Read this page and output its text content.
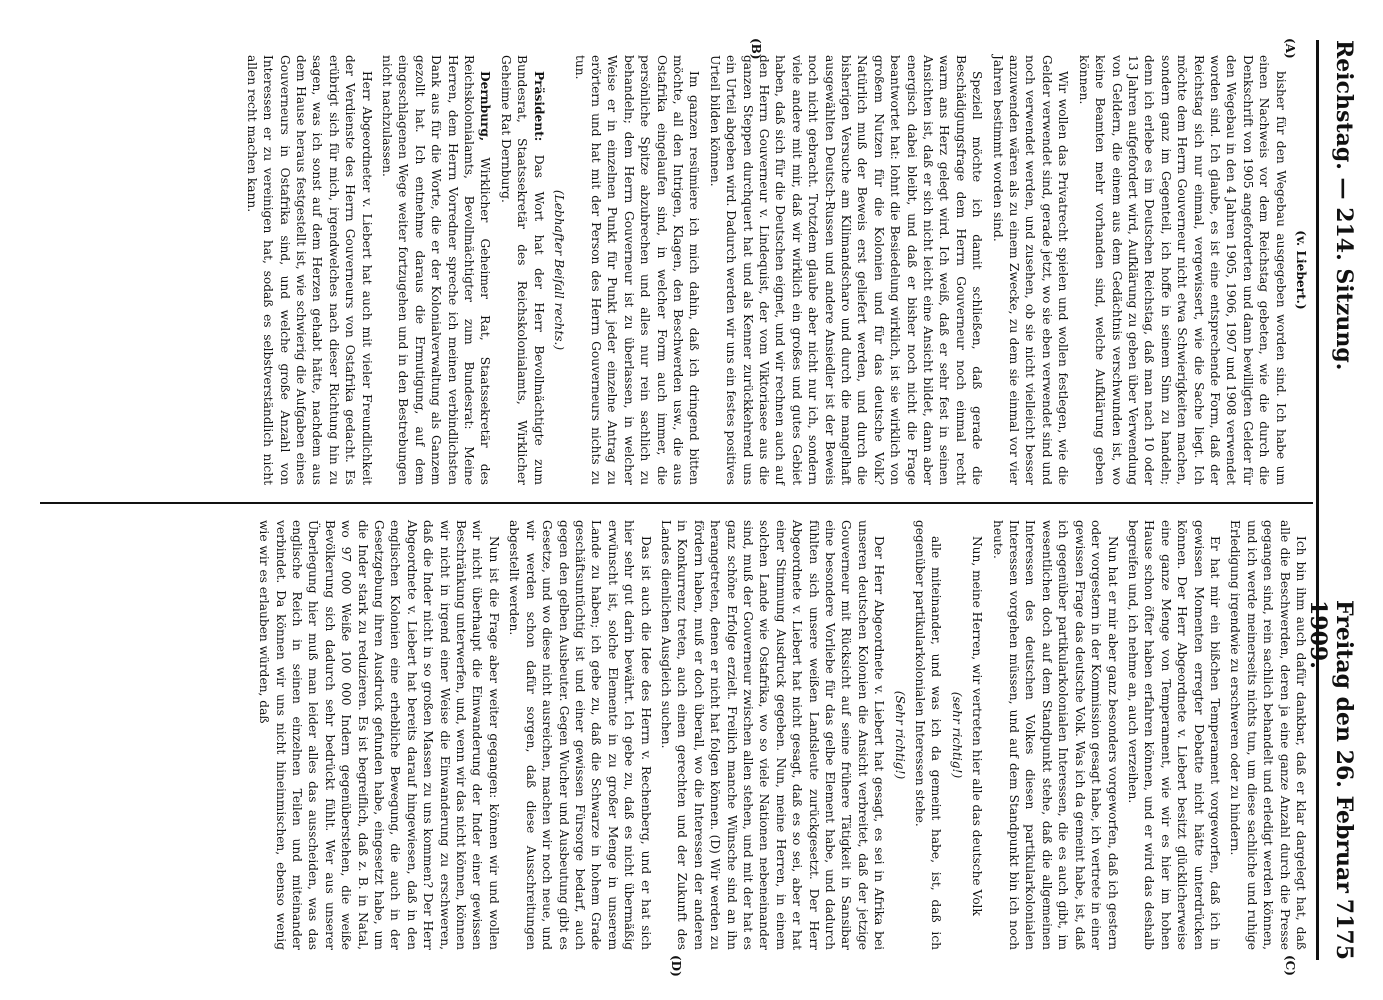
Reichstag. — 214. Sitzung.
Freitag den 26. Februar 1909.
7175
(A)
(B)
(C)
(D)

(v. Liebert.)

bisher für den Wegebau ausgegeben worden sind. Ich habe um einen Nachweis vor dem Reichstag gebeten, wie die durch die Denkschrift von 1905 angeforderten und dann bewilligten Gelder für den Wegebau in den 4 Jahren 1905, 1906, 1907 und 1908 verwendet worden sind. Ich glaube, es ist eine entsprechende Form, daß der Reichstag sich nur einmal, vergewissert, wie die Sache liegt. Ich möchte dem Herrn Gouverneur nicht etwa Schwierigkeiten machen, sondern ganz im Gegenteil, ich hoffe in seinem Sinn zu handeln; denn ich erlebe es im Deutschen Reichstag, daß man nach 10 oder 13 Jahren aufgefordert wird, Aufklärung zu geben über Verwendung von Geldern, die einem aus dem Gedächtnis verschwunden ist, wo keine Beamten mehr vorhanden sind, welche Aufklärung geben können.

Wir wollen das Privatrecht spielen und wollen festlegen, wie die Gelder verwendet sind, gerade jetzt, wo sie eben verwendet sind und noch verwendet werden, und zusehen, ob sie nicht vielleicht besser anzuwenden wären als zu einem Zwecke, zu dem sie einmal vor vier Jahren bestimmt worden sind.

Speziell möchte ich damit schließen, daß gerade die Beschädigungsfrage dem Herrn Gouverneur noch einmal recht warm ans Herz gelegt wird. Ich weiß, daß er sehr fest in seinen Ansichten ist, daß er sich nicht leicht eine Ansicht bildet, dann aber energisch dabei bleibt, und daß er bisher noch nicht die Frage beantwortet hat: lohnt die Besiedelung wirklich, ist sie wirklich von großem Nutzen für die Kolonien und für das deutsche Volk? Natürlich muß der Beweis erst geliefert werden, und durch die bisherigen Versuche am Kilimandscharo und durch die mangelhaft ausgewählten Deutsch-Russen und andere Ansiedler ist der Beweis noch nicht gebracht. Trotzdem glaube aber nicht nur ich, sondern viele andere mit mir, daß wir wirklich ein großes und gutes Gebiet haben, daß sich für die Deutschen eignet, und wir rechnen auch auf den Herrn Gouverneur v. Lindequist, der vom Viktoriasee aus die ganzen Steppen durchquert hat und als Kenner zurückkehrend uns ein Urteil abgeben wird. Dadurch werden wir uns ein festes positives Urteil bilden können.

Im ganzen resümiere ich mich dahin, daß ich dringend bitten möchte, all den Intrigen, Klagen, den Beschwerden usw., die aus Ostafrika eingelaufen sind, in welcher Form auch immer, die persönliche Spitze abzubrechen und alles nur rein sachlich zu behandeln; dem Herrn Gouverneur ist zu überlassen, in welcher Weise er in einzelnen Punkt für Punkt jeder einzelne Antrag zu erörtern und hat mit der Person des Herrn Gouverneurs nichts zu tun.

(Lebhafter Beifall rechts.)

Präsident: Das Wort hat der Herr Bevollmächtigte zum Bundesrat, Staatssekretär des Reichskolonialamts, Wirklicher Geheime Rat Dernburg.

Dernburg, Wirklicher Geheimer Rat, Staatssekretär des Reichskolonialamts, Bevollmächtigter zum Bundesrat: Meine Herren, dem Herrn Vorredner spreche ich meinen verbindlichsten Dank aus für die Worte, die er der Kolonialverwaltung als Ganzem gezollt hat. Ich entnehme daraus die Ermutigung, auf dem eingeschlagenen Wege weiter fortzugehen und in den Bestrebungen nicht nachzulassen.

Herr Abgeordneter v. Liebert hat auch mit vieler Freundlichkeit der Verdienste des Herrn Gouverneurs von Ostafrika gedacht. Es erübrigt sich für mich, irgendwelches nach dieser Richtung hin zu sagen, was ich sonst auf dem Herzen gehabt hätte, nachdem aus dem Hause heraus festgestellt ist, wie schwierig die Aufgaben eines Gouverneurs in Ostafrika sind, und welche große Anzahl von Interessen er zu vereinigen hat, sodaß es selbstverständlich nicht allen recht machen kann.

Ich bin ihm auch dafür dankbar, daß er klar dargelegt hat, daß alle die Beschwerden, deren ja eine ganze Anzahl durch die Presse gegangen sind, rein sachlich behandelt und erledigt werden können, und ich werde meinerseits nichts tun, um diese sachliche und ruhige Erledigung irgendwie zu erschweren oder zu hindern.

Er hat mir ein bißchen Temperament vorgeworfen, daß ich in gewissen Momenten erregter Debatte nicht hätte unterdrücken können. Der Herr Abgeordnete v. Liebert besitzt glücklicherweise eine ganze Menge von Temperament, wie wir es hier im hohen Hause schon öfter haben erfahren können, und er wird das deshalb begreifen und, ich nehme an, auch verzeihen.

Nun hat er mir aber ganz besonders vorgeworfen, daß ich gestern oder vorgestern in der Kommission gesagt habe, ich vertrete in einer gewissen Frage das deutsche Volk. Was ich da gemeint habe, ist, daß ich gegenüber partikularkolonialen Interessen, die es auch gibt, im wesentlichen doch auf dem Standpunkt stehe, daß die allgemeinen Interessen des deutschen Volkes diesen partikularkolonialen Interessen vorgehen müssen, und auf dem Standpunkt bin ich noch heute.

Nun, meine Herren, wir vertreten hier alle das deutsche Volk

(sehr richtig!)

alle miteinander, und was ich da gemeint habe, ist, daß ich gegenüber partikularkolonialen Interessen stehe.

(Sehr richtig!)

Der Herr Abgeordnete v. Liebert hat gesagt, es sei in Afrika bei unseren deutschen Kolonien die Ansicht verbreitet, daß der jetzige Gouverneur mit Rücksicht auf seine frühere Tätigkeit in Sansibar eine besondere Vorliebe für das gelbe Element habe, und dadurch fühlten sich unsere weißen Landsleute zurückgesetzt. Der Herr Abgeordnete v. Liebert hat nicht gesagt, daß es so sei, aber er hat einer Stimmung Ausdruck gegeben. Nun, meine Herren, in einem solchen Lande wie Ostafrika, wo so viele Nationen nebeneinander sind, muß der Gouverneur zwischen allen stehen, und mit der hat es ganz schöne Erfolge erzielt. Freilich manche Wünsche sind an ihn herangetreten, denen er nicht hat folgen können. (D) Wir werden zu fördern haben, muß er doch überall, wo die Interessen der anderen in Konkurrenz treten, auch einen gerechten und der Zukunft des Landes dienlichen Ausgleich suchen.

Das ist auch die Idee des Herrn v. Rechenberg, und er hat sich hier sehr gut darin bewährt. Ich gebe zu, daß es nicht übermäßig erwünscht ist, solche Elemente in zu großer Menge in unserem Lande zu haben; ich gebe zu, daß die Schwarze in hohem Grade geschäftsuntüchtig ist und einer gewissen Fürsorge bedarf, auch gegen den gelben Ausbeuter. Gegen Wucher und Ausbeutung gibt es Gesetze, und wo diese nicht ausreichen, machen wir noch neue, und wir werden schon dafür sorgen, daß diese Ausschreitungen abgestellt werden.

Nun ist die Frage aber weiter gegangen: können wir und wollen wir nicht überhaupt die Einwanderung der Inder einer gewissen Beschränkung unterwerfen, und, wenn wir das nicht können, können wir nicht in irgend einer Weise die Einwanderung zu erschweren, daß die Inder nicht in so großen Massen zu uns kommen? Der Herr Abgeordnete v. Liebert hat bereits darauf hingewiesen, daß in den englischen Kolonien eine erhebliche Bewegung, die auch in der Gesetzgebung ihren Ausdruck gefunden habe, eingesetzt habe, um die Inder stark zu reduzieren. Es ist begreiflich, daß z. B. in Natal, wo 97 000 Weiße 100 000 Indern gegenüberstehen, die weiße Bevölkerung sich dadurch sehr bedrückt fühlt. Wer aus unserer Überlegung hier muß man leider alles das ausscheiden, was das englische Reich in seinen einzelnen Teilen und miteinander verbindet. Da können wir uns nicht hineinmischen, ebenso wenig wie wir es erlauben würden, daß
